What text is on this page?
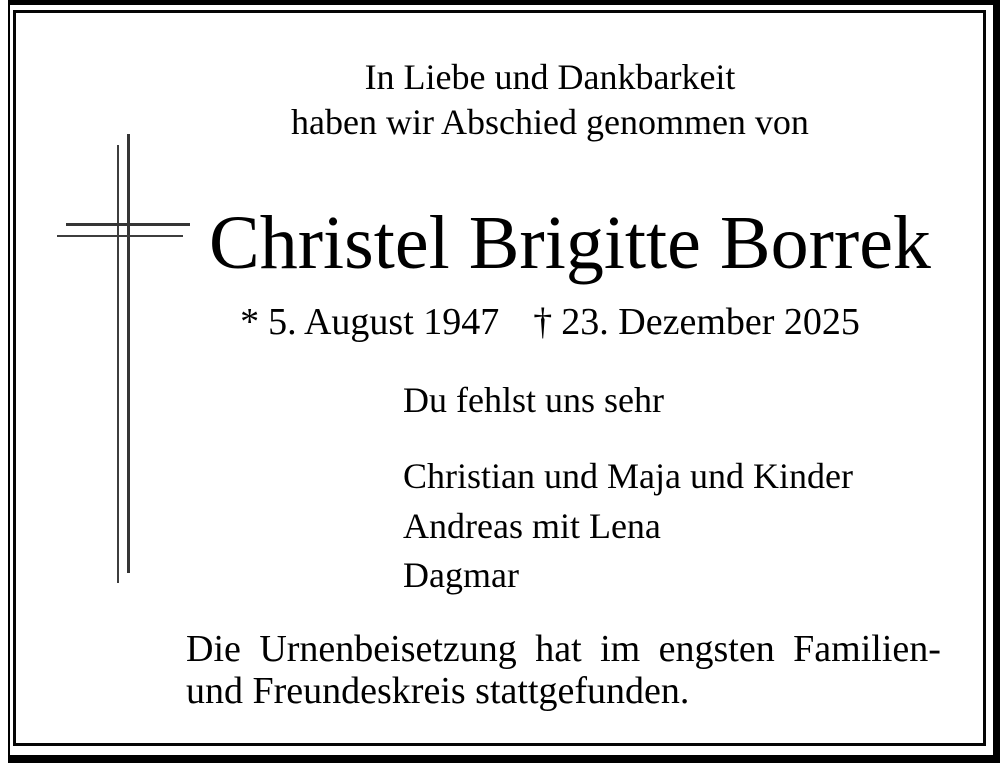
In Liebe und Dankbarkeit
haben wir Abschied genommen von
Christel Brigitte Borrek
* 5. August 1947 † 23. Dezember 2025
Du fehlst uns sehr
Christian und Maja und Kinder
Andreas mit Lena
Dagmar
Die Urnenbeisetzung hat im engsten Familien-
und Freundeskreis stattgefunden.
